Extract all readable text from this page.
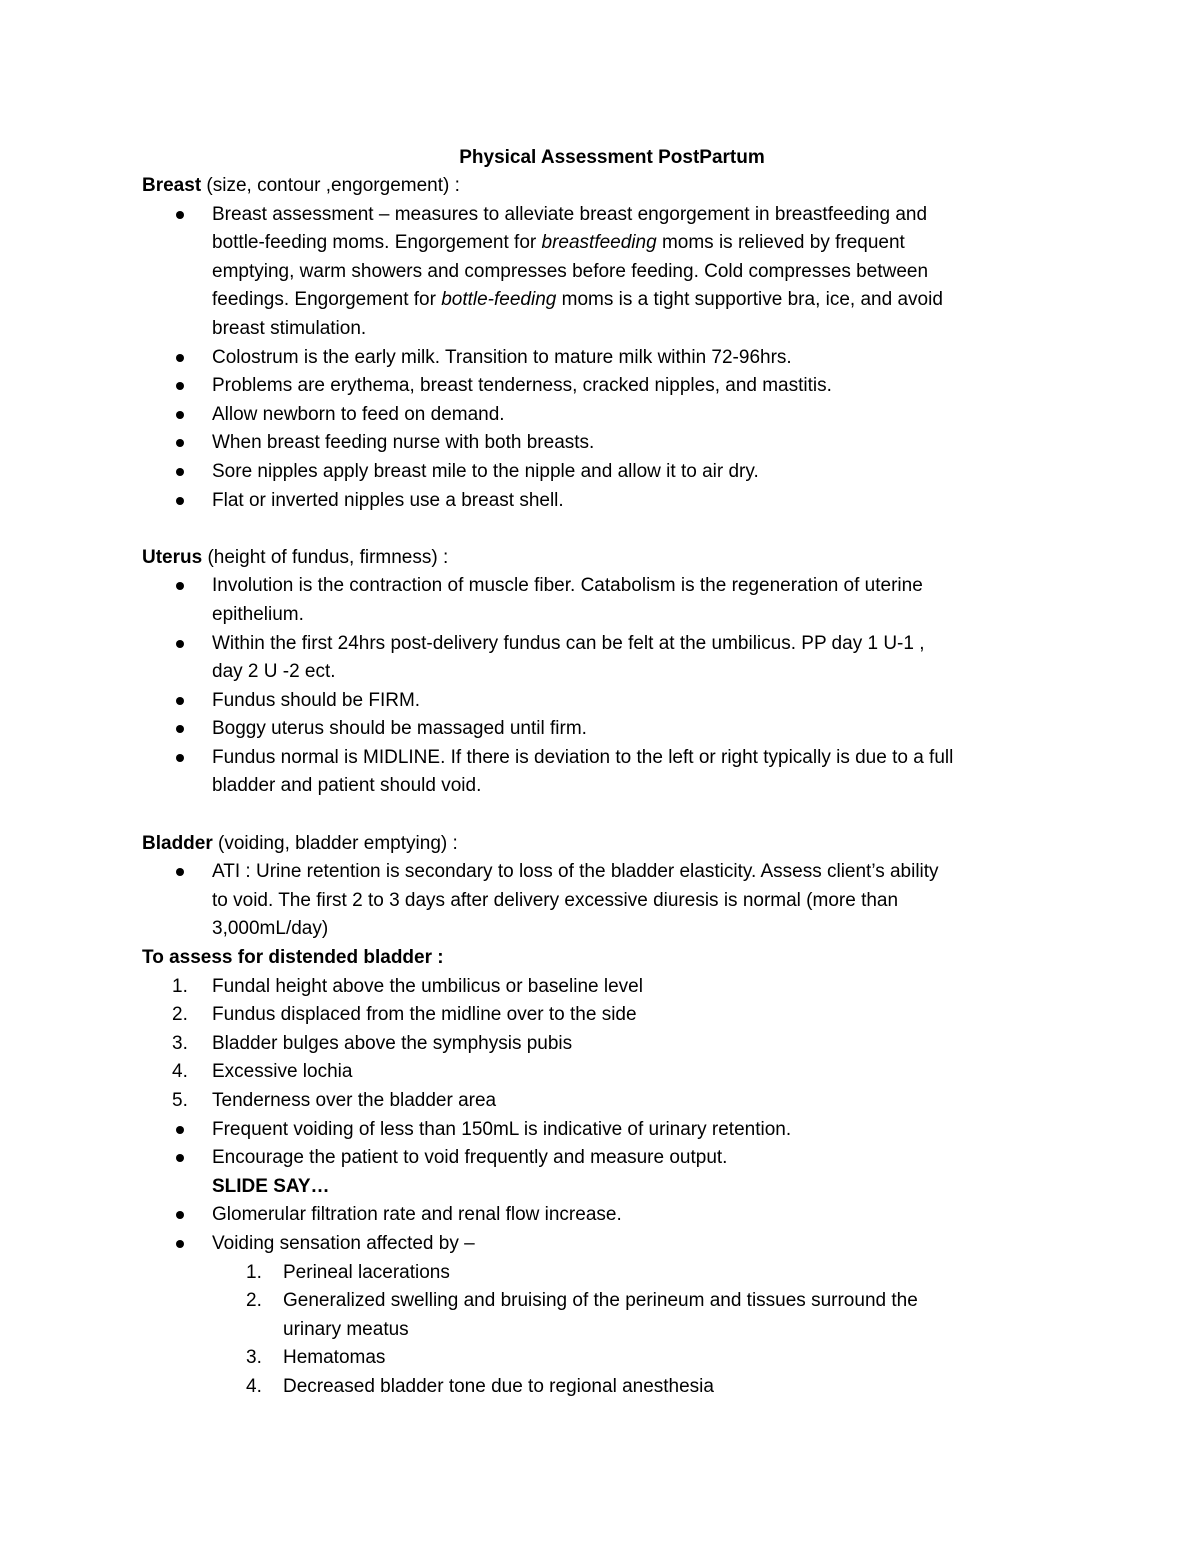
Physical Assessment PostPartum
Breast (size, contour ,engorgement) :
Breast assessment – measures to alleviate breast engorgement in breastfeeding and
bottle-feeding moms. Engorgement for breastfeeding moms is relieved by frequent
emptying, warm showers and compresses before feeding. Cold compresses between
feedings. Engorgement for bottle-feeding moms is a tight supportive bra, ice, and avoid
breast stimulation.
Colostrum is the early milk. Transition to mature milk within 72-96hrs.
Problems are erythema, breast tenderness, cracked nipples, and mastitis.
Allow newborn to feed on demand.
When breast feeding nurse with both breasts.
Sore nipples apply breast mile to the nipple and allow it to air dry.
Flat or inverted nipples use a breast shell.
Uterus (height of fundus, firmness) :
Involution is the contraction of muscle fiber. Catabolism is the regeneration of uterine
epithelium.
Within the first 24hrs post-delivery fundus can be felt at the umbilicus. PP day 1 U-1 ,
day 2 U -2 ect.
Fundus should be FIRM.
Boggy uterus should be massaged until firm.
Fundus normal is MIDLINE. If there is deviation to the left or right typically is due to a full
bladder and patient should void.
Bladder (voiding, bladder emptying) :
ATI : Urine retention is secondary to loss of the bladder elasticity. Assess client’s ability
to void. The first 2 to 3 days after delivery excessive diuresis is normal (more than
3,000mL/day)
To assess for distended bladder :
1. Fundal height above the umbilicus or baseline level
2. Fundus displaced from the midline over to the side
3. Bladder bulges above the symphysis pubis
4. Excessive lochia
5. Tenderness over the bladder area
Frequent voiding of less than 150mL is indicative of urinary retention.
Encourage the patient to void frequently and measure output.
SLIDE SAY…
Glomerular filtration rate and renal flow increase.
Voiding sensation affected by –
1. Perineal lacerations
2. Generalized swelling and bruising of the perineum and tissues surround the
urinary meatus
3. Hematomas
4. Decreased bladder tone due to regional anesthesia
